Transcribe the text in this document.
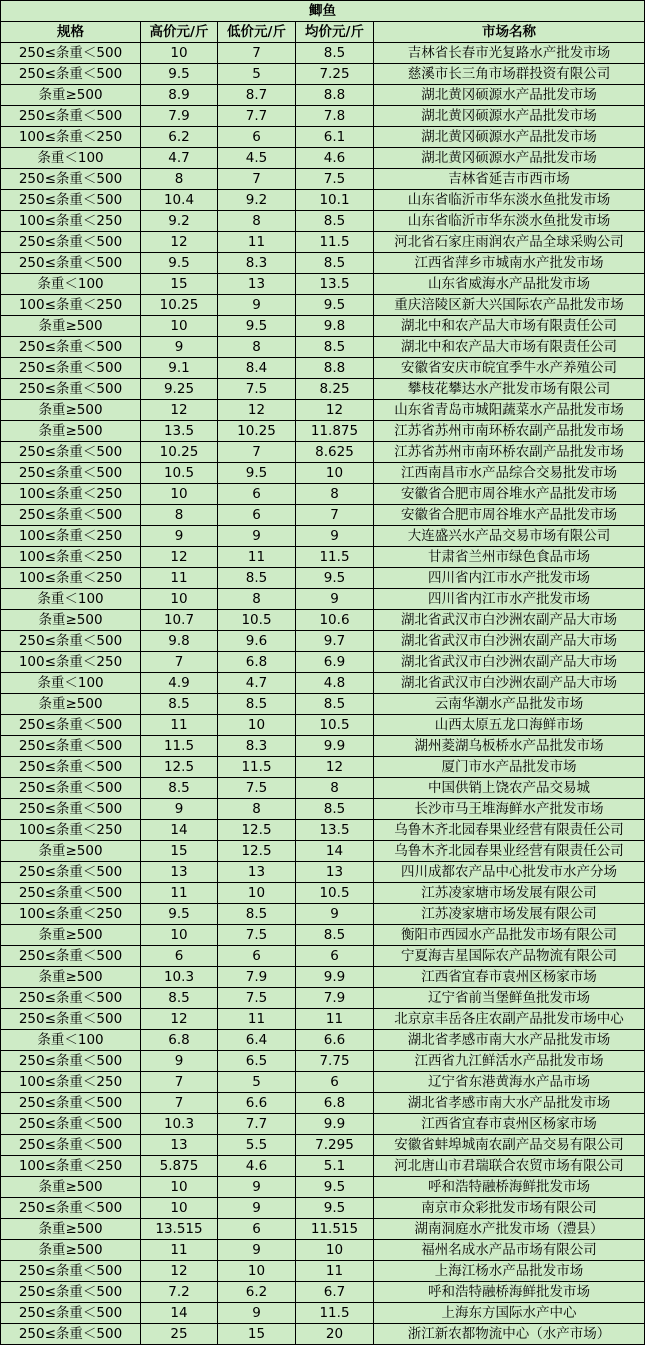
鲫鱼				
规格	高价元/斤	低价元/斤	均价元/斤	市场名称
250≤条重＜500	10	7	8.5	吉林省长春市光复路水产批发市场
250≤条重＜500	9.5	5	7.25	慈溪市长三角市场群投资有限公司
条重≥500	8.9	8.7	8.8	湖北黄冈硕源水产品批发市场
250≤条重＜500	7.9	7.7	7.8	湖北黄冈硕源水产品批发市场
100≤条重＜250	6.2	6	6.1	湖北黄冈硕源水产品批发市场
条重＜100	4.7	4.5	4.6	湖北黄冈硕源水产品批发市场
250≤条重＜500	8	7	7.5	吉林省延吉市西市场
250≤条重＜500	10.4	9.2	10.1	山东省临沂市华东淡水鱼批发市场
100≤条重＜250	9.2	8	8.5	山东省临沂市华东淡水鱼批发市场
250≤条重＜500	12	11	11.5	河北省石家庄雨润农产品全球采购公司
250≤条重＜500	9.5	8.3	8.5	江西省萍乡市城南水产批发市场
条重＜100	15	13	13.5	山东省威海水产品批发市场
100≤条重＜250	10.25	9	9.5	重庆涪陵区新大兴国际农产品批发市场
条重≥500	10	9.5	9.8	湖北中和农产品大市场有限责任公司
250≤条重＜500	9	8	8.5	湖北中和农产品大市场有限责任公司
250≤条重＜500	9.1	8.4	8.8	安徽省安庆市皖宜季牛水产养殖公司
250≤条重＜500	9.25	7.5	8.25	攀枝花攀达水产批发市场有限公司
条重≥500	12	12	12	山东省青岛市城阳蔬菜水产品批发市场
条重≥500	13.5	10.25	11.875	江苏省苏州市南环桥农副产品批发市场
250≤条重＜500	10.25	7	8.625	江苏省苏州市南环桥农副产品批发市场
250≤条重＜500	10.5	9.5	10	江西南昌市水产品综合交易批发市场
100≤条重＜250	10	6	8	安徽省合肥市周谷堆水产品批发市场
250≤条重＜500	8	6	7	安徽省合肥市周谷堆水产品批发市场
100≤条重＜250	9	9	9	大连盛兴水产品交易市场有限公司
100≤条重＜250	12	11	11.5	甘肃省兰州市绿色食品市场
100≤条重＜250	11	8.5	9.5	四川省内江市水产批发市场
条重＜100	10	8	9	四川省内江市水产批发市场
条重≥500	10.7	10.5	10.6	湖北省武汉市白沙洲农副产品大市场
250≤条重＜500	9.8	9.6	9.7	湖北省武汉市白沙洲农副产品大市场
100≤条重＜250	7	6.8	6.9	湖北省武汉市白沙洲农副产品大市场
条重＜100	4.9	4.7	4.8	湖北省武汉市白沙洲农副产品大市场
条重≥500	8.5	8.5	8.5	云南华潮水产品批发市场
250≤条重＜500	11	10	10.5	山西太原五龙口海鲜市场
250≤条重＜500	11.5	8.3	9.9	湖州菱湖乌板桥水产品批发市场
250≤条重＜500	12.5	11.5	12	厦门市水产品批发市场
250≤条重＜500	8.5	7.5	8	中国供销上饶农产品交易城
250≤条重＜500	9	8	8.5	长沙市马王堆海鲜水产批发市场
100≤条重＜250	14	12.5	13.5	乌鲁木齐北园春果业经营有限责任公司
条重≥500	15	12.5	14	乌鲁木齐北园春果业经营有限责任公司
250≤条重＜500	13	13	13	四川成都农产品中心批发市水产分场
250≤条重＜500	11	10	10.5	江苏凌家塘市场发展有限公司
100≤条重＜250	9.5	8.5	9	江苏凌家塘市场发展有限公司
条重≥500	10	7.5	8.5	衡阳市西园水产品批发市场有限公司
250≤条重＜500	6	6	6	宁夏海吉星国际农产品物流有限公司
条重≥500	10.3	7.9	9.9	江西省宜春市袁州区杨家市场
250≤条重＜500	8.5	7.5	7.9	辽宁省前当堡鲜鱼批发市场
250≤条重＜500	12	11	11	北京京丰岳各庄农副产品批发市场中心
条重＜100	6.8	6.4	6.6	湖北省孝感市南大水产品批发市场
250≤条重＜500	9	6.5	7.75	江西省九江鲜活水产品批发市场
100≤条重＜250	7	5	6	辽宁省东港黄海水产品市场
250≤条重＜500	7	6.6	6.8	湖北省孝感市南大水产品批发市场
250≤条重＜500	10.3	7.7	9.9	江西省宜春市袁州区杨家市场
250≤条重＜500	13	5.5	7.295	安徽省蚌埠城南农副产品交易有限公司
100≤条重＜250	5.875	4.6	5.1	河北唐山市君瑞联合农贸市场有限公司
条重≥500	10	9	9.5	呼和浩特融桥海鲜批发市场
250≤条重＜500	10	9	9.5	南京市众彩批发市场有限公司
条重≥500	13.515	6	11.515	湖南洞庭水产批发市场（澧县）
条重≥500	11	9	10	福州名成水产品市场有限公司
250≤条重＜500	12	10	11	上海江杨水产品批发市场
250≤条重＜500	7.2	6.2	6.7	呼和浩特融桥海鲜批发市场
250≤条重＜500	14	9	11.5	上海东方国际水产中心
250≤条重＜500	25	15	20	浙江新农都物流中心（水产市场）
